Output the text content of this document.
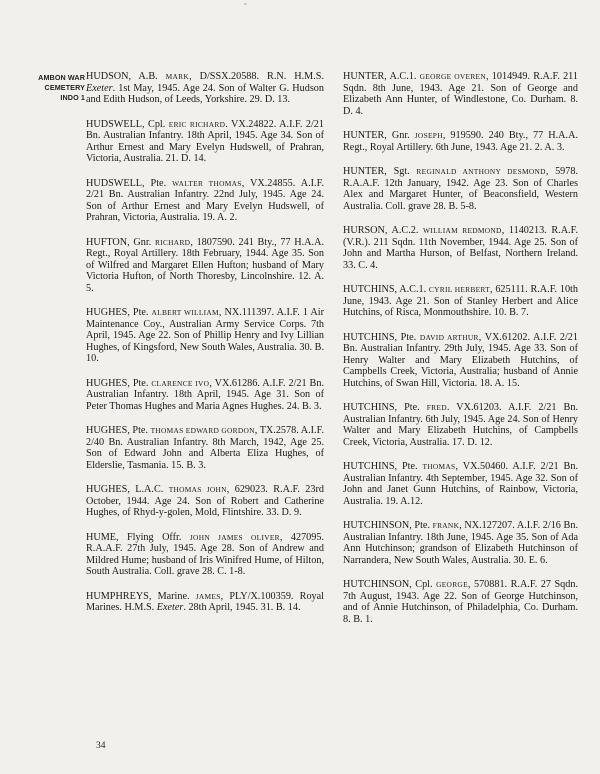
ˇ
AMBON WAR
CEMETERY
INDO 1

HUDSON, A.B. MARK, D/SSX.20588. R.N. H.M.S. Exeter. 1st May, 1945. Age 24. Son of Walter G. Hudson and Edith Hudson, of Leeds, Yorkshire. 29. D. 13.

HUDSWELL, Cpl. ERIC RICHARD. VX.24822. A.I.F. 2/21 Bn. Australian Infantry. 18th April, 1945. Age 34. Son of Arthur Ernest and Mary Evelyn Hudswell, of Prahran, Victoria, Australia. 21. D. 14.

HUDSWELL, Pte. WALTER THOMAS, VX.24855. A.I.F. 2/21 Bn. Australian Infantry. 22nd July, 1945. Age 24. Son of Arthur Ernest and Mary Evelyn Hudswell, of Prahran, Victoria, Australia. 19. A. 2.

HUFTON, Gnr. RICHARD, 1807590. 241 Bty., 77 H.A.A. Regt., Royal Artillery. 18th February, 1944. Age 35. Son of Wilfred and Margaret Ellen Hufton; husband of Mary Victoria Hufton, of North Thoresby, Lincolnshire. 12. A. 5.

HUGHES, Pte. ALBERT WILLIAM, NX.111397. A.I.F. 1 Air Maintenance Coy., Australian Army Service Corps. 7th April, 1945. Age 22. Son of Phillip Henry and Ivy Lillian Hughes, of Kingsford, New South Wales, Australia. 30. B. 10.

HUGHES, Pte. CLARENCE IVO, VX.61286. A.I.F. 2/21 Bn. Australian Infantry. 18th April, 1945. Age 31. Son of Peter Thomas Hughes and Maria Agnes Hughes. 24. B. 3.

HUGHES, Pte. THOMAS EDWARD GORDON, TX.2578. A.I.F. 2/40 Bn. Australian Infantry. 8th March, 1942, Age 25. Son of Edward John and Alberta Eliza Hughes, of Elderslie, Tasmania. 15. B. 3.

HUGHES, L.A.C. THOMAS JOHN, 629023. R.A.F. 23rd October, 1944. Age 24. Son of Robert and Catherine Hughes, of Rhyd-y-golen, Mold, Flintshire. 33. D. 9.

HUME, Flying Offr. JOHN JAMES OLIVER, 427095. R.A.A.F. 27th July, 1945. Age 28. Son of Andrew and Mildred Hume; husband of Iris Winifred Hume, of Hilton, South Australia. Coll. grave 28. C. 1-8.

HUMPHREYS, Marine. JAMES, PLY/X.100359. Royal Marines. H.M.S. Exeter. 28th April, 1945. 31. B. 14.

HUNTER, A.C.1. GEORGE OVEREN, 1014949. R.A.F. 211 Sqdn. 8th June, 1943. Age 21. Son of George and Elizabeth Ann Hunter, of Windlestone, Co. Durham. 8. D. 4.

HUNTER, Gnr. JOSEPH, 919590. 240 Bty., 77 H.A.A. Regt., Royal Artillery. 6th June, 1943. Age 21. 2. A. 3.

HUNTER, Sgt. REGINALD ANTHONY DESMOND, 5978. R.A.A.F. 12th January, 1942. Age 23. Son of Charles Alex and Margaret Hunter, of Beaconsfield, Western Australia. Coll. grave 28. B. 5-8.

HURSON, A.C.2. WILLIAM REDMOND, 1140213. R.A.F.(V.R.). 211 Sqdn. 11th November, 1944. Age 25. Son of John and Martha Hurson, of Belfast, Northern Ireland. 33. C. 4.

HUTCHINS, A.C.1. CYRIL HERBERT, 625111. R.A.F. 10th June, 1943. Age 21. Son of Stanley Herbert and Alice Hutchins, of Risca, Monmouthshire. 10. B. 7.

HUTCHINS, Pte. DAVID ARTHUR, VX.61202. A.I.F. 2/21 Bn. Australian Infantry. 29th July, 1945. Age 33. Son of Henry Walter and Mary Elizabeth Hutchins, of Campbells Creek, Victoria, Australia; husband of Annie Hutchins, of Swan Hill, Victoria. 18. A. 15.

HUTCHINS, Pte. FRED. VX.61203. A.I.F. 2/21 Bn. Australian Infantry. 6th July, 1945. Age 24. Son of Henry Walter and Mary Elizabeth Hutchins, of Campbells Creek, Victoria, Australia. 17. D. 12.

HUTCHINS, Pte. THOMAS, VX.50460. A.I.F. 2/21 Bn. Australian Infantry. 4th September, 1945. Age 32. Son of John and Janet Gunn Hutchins, of Rainbow, Victoria, Australia. 19. A.12.

HUTCHINSON, Pte. FRANK, NX.127207. A.I.F. 2/16 Bn. Australian Infantry. 18th June, 1945. Age 35. Son of Ada Ann Hutchinson; grandson of Elizabeth Hutchinson of Narrandera, New South Wales, Australia. 30. E. 6.

HUTCHINSON, Cpl. GEORGE, 570881. R.A.F. 27 Sqdn. 7th August, 1943. Age 22. Son of George Hutchinson, and of Annie Hutchinson, of Philadelphia, Co. Durham. 8. B. 1.

34
